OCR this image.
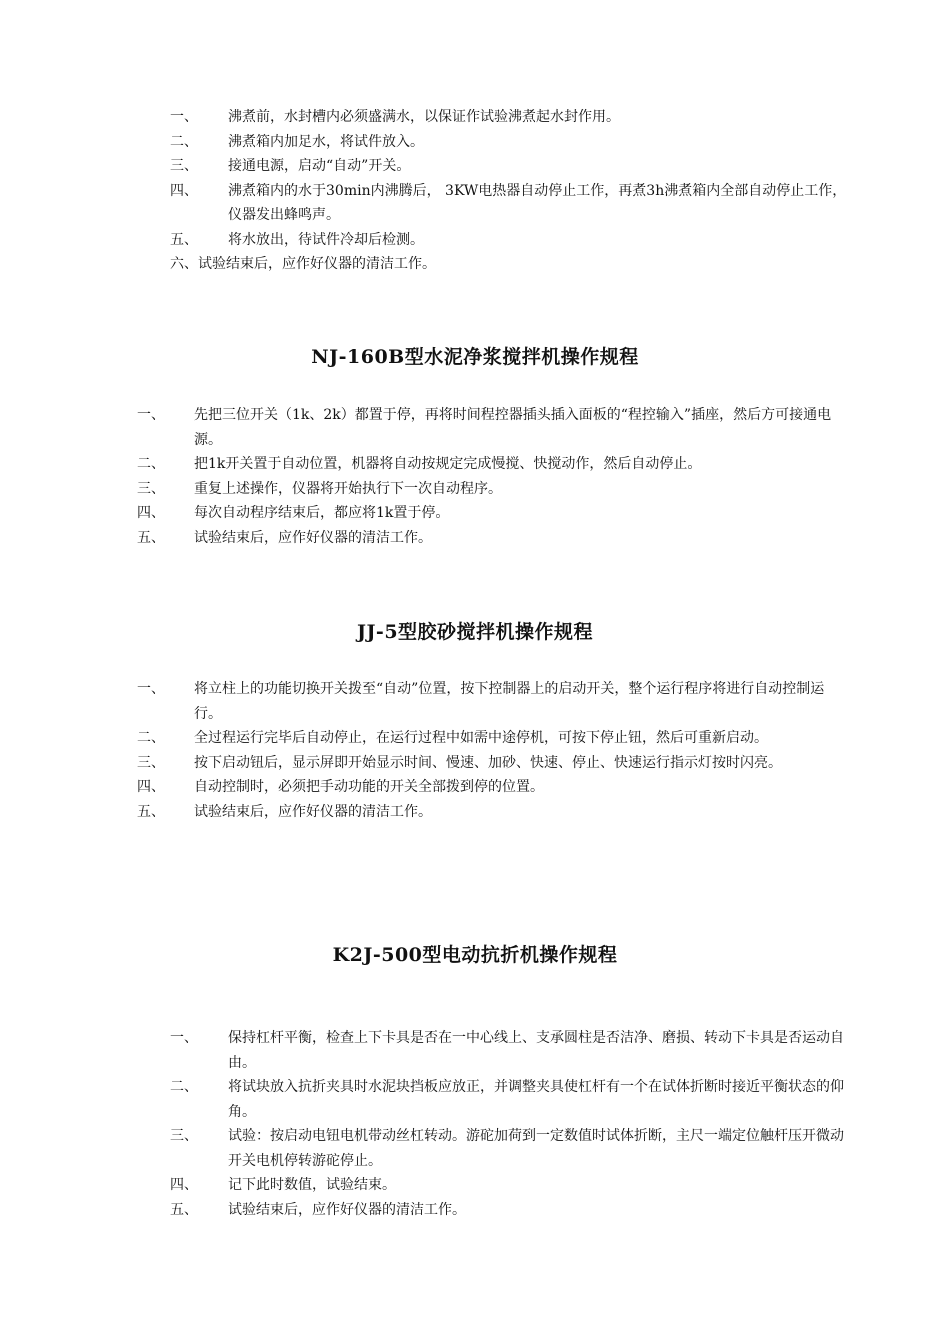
一、	沸煮前，水封槽内必须盛满水，以保证作试验沸煮起水封作用。
二、	沸煮箱内加足水，将试件放入。
三、	接通电源，启动“自动”开关。
四、	沸煮箱内的水于30min内沸腾后， 3KW电热器自动停止工作，再煮3h沸煮箱内全部自动停止工作，仪器发出蜂鸣声。
五、	将水放出，待试件冷却后检测。
六、试验结束后，应作好仪器的清洁工作。
NJ-160B型水泥净浆搅拌机操作规程
一、	先把三位开关（1k、2k）都置于停，再将时间程控器插头插入面板的“程控输入”插座，然后方可接通电源。
二、	把1k开关置于自动位置，机器将自动按规定完成慢搅、快搅动作，然后自动停止。
三、	重复上述操作，仪器将开始执行下一次自动程序。
四、	每次自动程序结束后，都应将1k置于停。
五、	试验结束后，应作好仪器的清洁工作。
JJ-5型胶砂搅拌机操作规程
一、	将立柱上的功能切换开关拨至“自动”位置，按下控制器上的启动开关，整个运行程序将进行自动控制运行。
二、	全过程运行完毕后自动停止，在运行过程中如需中途停机，可按下停止钮，然后可重新启动。
三、	按下启动钮后，显示屏即开始显示时间、慢速、加砂、快速、停止、快速运行指示灯按时闪亮。
四、	自动控制时，必须把手动功能的开关全部拨到停的位置。
五、	试验结束后，应作好仪器的清洁工作。
K2J-500型电动抗折机操作规程
一、	保持杠杆平衡，检查上下卡具是否在一中心线上、支承圆柱是否洁净、磨损、转动下卡具是否运动自由。
二、	将试块放入抗折夹具时水泥块挡板应放正，并调整夹具使杠杆有一个在试体折断时接近平衡状态的仰角。
三、	试验：按启动电钮电机带动丝杠转动。游砣加荷到一定数值时试体折断，主尺一端定位触杆压开微动开关电机停转游砣停止。
四、	记下此时数值，试验结束。
五、	试验结束后，应作好仪器的清洁工作。
